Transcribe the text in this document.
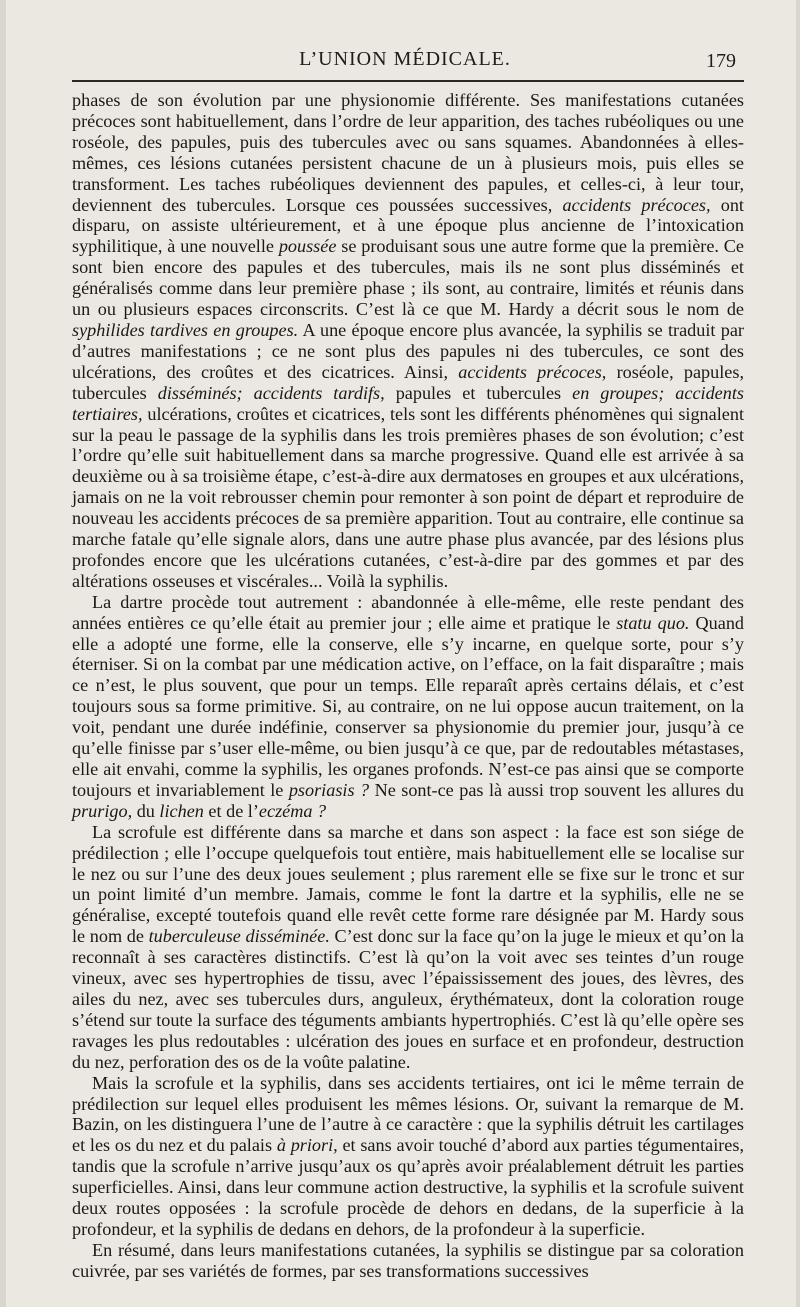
L’UNION MÉDICALE.	179

phases de son évolution par une physionomie différente. Ses manifestations cutanées précoces sont habituellement, dans l’ordre de leur apparition, des taches rubéoliques ou une roséole, des papules, puis des tubercules avec ou sans squames. Abandonnées à elles-mêmes, ces lésions cutanées persistent chacune de un à plusieurs mois, puis elles se transforment. Les taches rubéoliques deviennent des papules, et celles-ci, à leur tour, deviennent des tubercules. Lorsque ces poussées successives, accidents précoces, ont disparu, on assiste ultérieurement, et à une époque plus ancienne de l’intoxication syphilitique, à une nouvelle poussée se produisant sous une autre forme que la première. Ce sont bien encore des papules et des tubercules, mais ils ne sont plus disséminés et généralisés comme dans leur première phase ; ils sont, au contraire, limités et réunis dans un ou plusieurs espaces circonscrits. C’est là ce que M. Hardy a décrit sous le nom de syphilides tardives en groupes. A une époque encore plus avancée, la syphilis se traduit par d’autres manifestations ; ce ne sont plus des papules ni des tubercules, ce sont des ulcérations, des croûtes et des cicatrices. Ainsi, accidents précoces, roséole, papules, tubercules disséminés; accidents tardifs, papules et tubercules en groupes; accidents tertiaires, ulcérations, croûtes et cicatrices, tels sont les différents phénomènes qui signalent sur la peau le passage de la syphilis dans les trois premières phases de son évolution; c’est l’ordre qu’elle suit habituellement dans sa marche progressive. Quand elle est arrivée à sa deuxième ou à sa troisième étape, c’est-à-dire aux dermatoses en groupes et aux ulcérations, jamais on ne la voit rebrousser chemin pour remonter à son point de départ et reproduire de nouveau les accidents précoces de sa première apparition. Tout au contraire, elle continue sa marche fatale qu’elle signale alors, dans une autre phase plus avancée, par des lésions plus profondes encore que les ulcérations cutanées, c’est-à-dire par des gommes et par des altérations osseuses et viscérales... Voilà la syphilis.

La dartre procède tout autrement : abandonnée à elle-même, elle reste pendant des années entières ce qu’elle était au premier jour ; elle aime et pratique le statu quo. Quand elle a adopté une forme, elle la conserve, elle s’y incarne, en quelque sorte, pour s’y éterniser. Si on la combat par une médication active, on l’efface, on la fait disparaître ; mais ce n’est, le plus souvent, que pour un temps. Elle reparaît après certains délais, et c’est toujours sous sa forme primitive. Si, au contraire, on ne lui oppose aucun traitement, on la voit, pendant une durée indéfinie, conserver sa physionomie du premier jour, jusqu’à ce qu’elle finisse par s’user elle-même, ou bien jusqu’à ce que, par de redoutables métastases, elle ait envahi, comme la syphilis, les organes profonds. N’est-ce pas ainsi que se comporte toujours et invariablement le psoriasis ? Ne sont-ce pas là aussi trop souvent les allures du prurigo, du lichen et de l’eczéma ?

La scrofule est différente dans sa marche et dans son aspect : la face est son siége de prédilection ; elle l’occupe quelquefois tout entière, mais habituellement elle se localise sur le nez ou sur l’une des deux joues seulement ; plus rarement elle se fixe sur le tronc et sur un point limité d’un membre. Jamais, comme le font la dartre et la syphilis, elle ne se généralise, excepté toutefois quand elle revêt cette forme rare désignée par M. Hardy sous le nom de tuberculeuse disséminée. C’est donc sur la face qu’on la juge le mieux et qu’on la reconnaît à ses caractères distinctifs. C’est là qu’on la voit avec ses teintes d’un rouge vineux, avec ses hypertrophies de tissu, avec l’épaississement des joues, des lèvres, des ailes du nez, avec ses tubercules durs, anguleux, érythémateux, dont la coloration rouge s’étend sur toute la surface des téguments ambiants hypertrophiés. C’est là qu’elle opère ses ravages les plus redoutables : ulcération des joues en surface et en profondeur, destruction du nez, perforation des os de la voûte palatine.

Mais la scrofule et la syphilis, dans ses accidents tertiaires, ont ici le même terrain de prédilection sur lequel elles produisent les mêmes lésions. Or, suivant la remarque de M. Bazin, on les distinguera l’une de l’autre à ce caractère : que la syphilis détruit les cartilages et les os du nez et du palais à priori, et sans avoir touché d’abord aux parties tégumentaires, tandis que la scrofule n’arrive jusqu’aux os qu’après avoir préalablement détruit les parties superficielles. Ainsi, dans leur commune action destructive, la syphilis et la scrofule suivent deux routes opposées : la scrofule procède de dehors en dedans, de la superficie à la profondeur, et la syphilis de dedans en dehors, de la profondeur à la superficie.

En résumé, dans leurs manifestations cutanées, la syphilis se distingue par sa coloration cuivrée, par ses variétés de formes, par ses transformations successives
